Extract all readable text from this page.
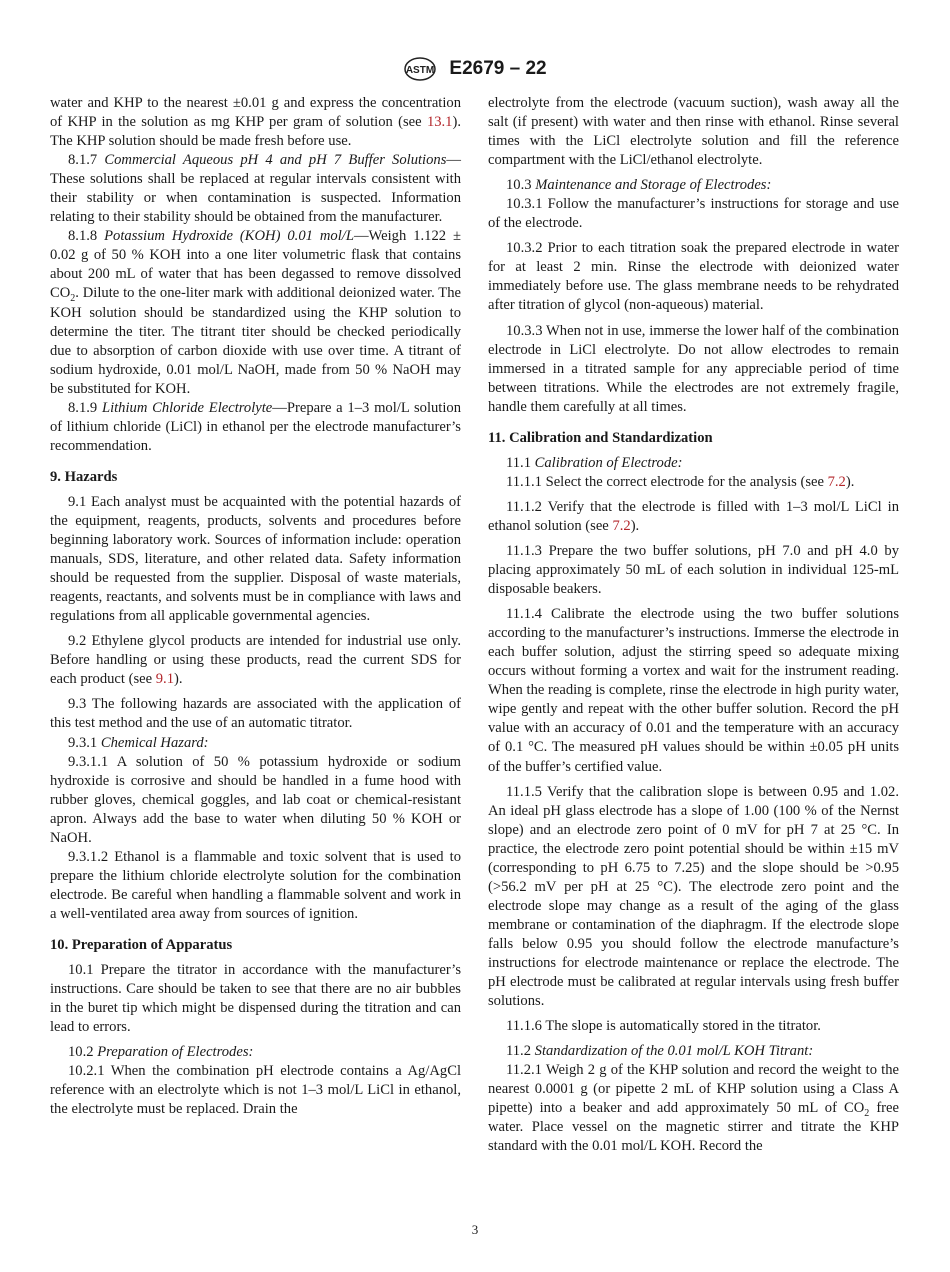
ASTM E2679 – 22

water and KHP to the nearest ±0.01 g and express the concentration of KHP in the solution as mg KHP per gram of solution (see 13.1). The KHP solution should be made fresh before use.

8.1.7 Commercial Aqueous pH 4 and pH 7 Buffer Solutions—These solutions shall be replaced at regular intervals consistent with their stability or when contamination is suspected. Information relating to their stability should be obtained from the manufacturer.

8.1.8 Potassium Hydroxide (KOH) 0.01 mol/L—Weigh 1.122 ± 0.02 g of 50 % KOH into a one liter volumetric flask that contains about 200 mL of water that has been degassed to remove dissolved $CO_2$. Dilute to the one-liter mark with additional deionized water. The KOH solution should be standardized using the KHP solution to determine the titer. The titrant titer should be checked periodically due to absorption of carbon dioxide with use over time. A titrant of sodium hydroxide, 0.01 mol/L NaOH, made from 50 % NaOH may be substituted for KOH.

8.1.9 Lithium Chloride Electrolyte—Prepare a 1–3 mol/L solution of lithium chloride (LiCl) in ethanol per the electrode manufacturer’s recommendation.

9. Hazards

9.1 Each analyst must be acquainted with the potential hazards of the equipment, reagents, products, solvents and procedures before beginning laboratory work. Sources of information include: operation manuals, SDS, literature, and other related data. Safety information should be requested from the supplier. Disposal of waste materials, reagents, reactants, and solvents must be in compliance with laws and regulations from all applicable governmental agencies.

9.2 Ethylene glycol products are intended for industrial use only. Before handling or using these products, read the current SDS for each product (see 9.1).

9.3 The following hazards are associated with the application of this test method and the use of an automatic titrator.

9.3.1 Chemical Hazard:

9.3.1.1 A solution of 50 % potassium hydroxide or sodium hydroxide is corrosive and should be handled in a fume hood with rubber gloves, chemical goggles, and lab coat or chemical-resistant apron. Always add the base to water when diluting 50 % KOH or NaOH.

9.3.1.2 Ethanol is a flammable and toxic solvent that is used to prepare the lithium chloride electrolyte solution for the combination electrode. Be careful when handling a flammable solvent and work in a well-ventilated area away from sources of ignition.

10. Preparation of Apparatus

10.1 Prepare the titrator in accordance with the manufacturer’s instructions. Care should be taken to see that there are no air bubbles in the buret tip which might be dispensed during the titration and can lead to errors.

10.2 Preparation of Electrodes:

10.2.1 When the combination pH electrode contains a Ag/AgCl reference with an electrolyte which is not 1–3 mol/L LiCl in ethanol, the electrolyte must be replaced. Drain the

electrolyte from the electrode (vacuum suction), wash away all the salt (if present) with water and then rinse with ethanol. Rinse several times with the LiCl electrolyte solution and fill the reference compartment with the LiCl/ethanol electrolyte.

10.3 Maintenance and Storage of Electrodes:

10.3.1 Follow the manufacturer’s instructions for storage and use of the electrode.

10.3.2 Prior to each titration soak the prepared electrode in water for at least 2 min. Rinse the electrode with deionized water immediately before use. The glass membrane needs to be rehydrated after titration of glycol (non-aqueous) material.

10.3.3 When not in use, immerse the lower half of the combination electrode in LiCl electrolyte. Do not allow electrodes to remain immersed in a titrated sample for any appreciable period of time between titrations. While the electrodes are not extremely fragile, handle them carefully at all times.

11. Calibration and Standardization

11.1 Calibration of Electrode:

11.1.1 Select the correct electrode for the analysis (see 7.2).

11.1.2 Verify that the electrode is filled with 1–3 mol/L LiCl in ethanol solution (see 7.2).

11.1.3 Prepare the two buffer solutions, pH 7.0 and pH 4.0 by placing approximately 50 mL of each solution in individual 125-mL disposable beakers.

11.1.4 Calibrate the electrode using the two buffer solutions according to the manufacturer’s instructions. Immerse the electrode in each buffer solution, adjust the stirring speed so adequate mixing occurs without forming a vortex and wait for the instrument reading. When the reading is complete, rinse the electrode in high purity water, wipe gently and repeat with the other buffer solution. Record the pH value with an accuracy of 0.01 and the temperature with an accuracy of 0.1 °C. The measured pH values should be within ±0.05 pH units of the buffer’s certified value.

11.1.5 Verify that the calibration slope is between 0.95 and 1.02. An ideal pH glass electrode has a slope of 1.00 (100 % of the Nernst slope) and an electrode zero point of 0 mV for pH 7 at 25 °C. In practice, the electrode zero point potential should be within ±15 mV (corresponding to pH 6.75 to 7.25) and the slope should be >0.95 (>56.2 mV per pH at 25 °C). The electrode zero point and the electrode slope may change as a result of the aging of the glass membrane or contamination of the diaphragm. If the electrode slope falls below 0.95 you should follow the electrode manufacture’s instructions for electrode maintenance or replace the electrode. The pH electrode must be calibrated at regular intervals using fresh buffer solutions.

11.1.6 The slope is automatically stored in the titrator.

11.2 Standardization of the 0.01 mol/L KOH Titrant:

11.2.1 Weigh 2 g of the KHP solution and record the weight to the nearest 0.0001 g (or pipette 2 mL of KHP solution using a Class A pipette) into a beaker and add approximately 50 mL of $CO_2$ free water. Place vessel on the magnetic stirrer and titrate the KHP standard with the 0.01 mol/L KOH. Record the

3
